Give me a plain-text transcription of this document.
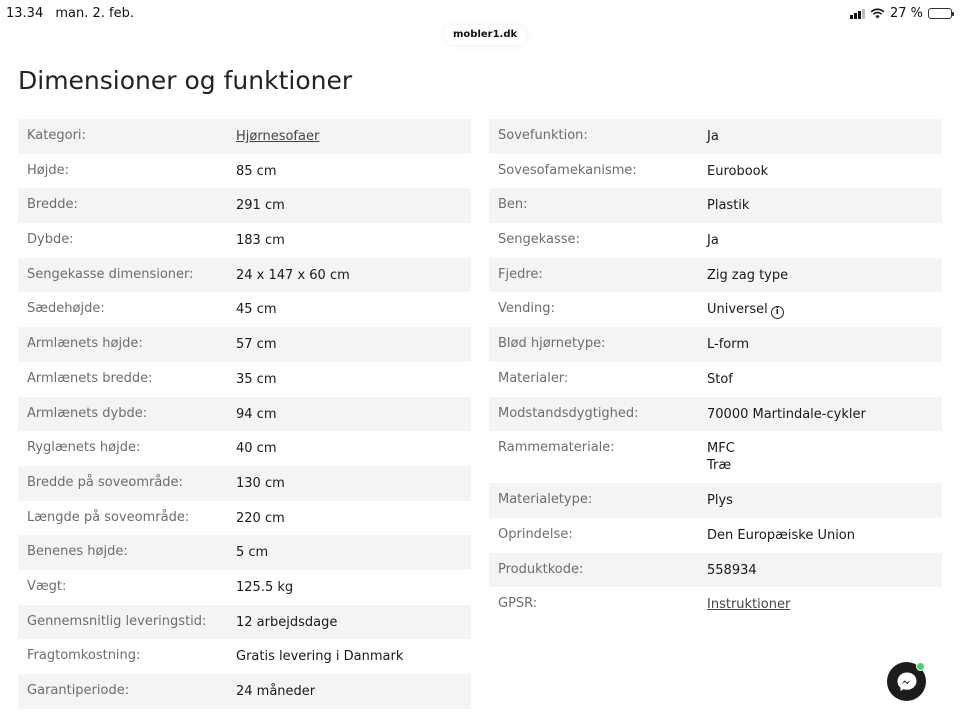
13.34 man. 2. feb.	27 %
mobler1.dk
Dimensioner og funktioner
Kategori:	Hjørnesofaer
Højde:	85 cm
Bredde:	291 cm
Dybde:	183 cm
Sengekasse dimensioner:	24 x 147 x 60 cm
Sædehøjde:	45 cm
Armlænets højde:	57 cm
Armlænets bredde:	35 cm
Armlænets dybde:	94 cm
Ryglænets højde:	40 cm
Bredde på soveområde:	130 cm
Længde på soveområde:	220 cm
Benenes højde:	5 cm
Vægt:	125.5 kg
Gennemsnitlig leveringstid:	12 arbejdsdage
Fragtomkostning:	Gratis levering i Danmark
Garantiperiode:	24 måneder
Sovefunktion:	Ja
Sovesofamekanisme:	Eurobook
Ben:	Plastik
Sengekasse:	Ja
Fjedre:	Zig zag type
Vending:	Universel i
Blød hjørnetype:	L-form
Materialer:	Stof
Modstandsdygtighed:	70000 Martindale-cykler
Rammemateriale:	MFC
Træ
Materialetype:	Plys
Oprindelse:	Den Europæiske Union
Produktkode:	558934
GPSR:	Instruktioner
